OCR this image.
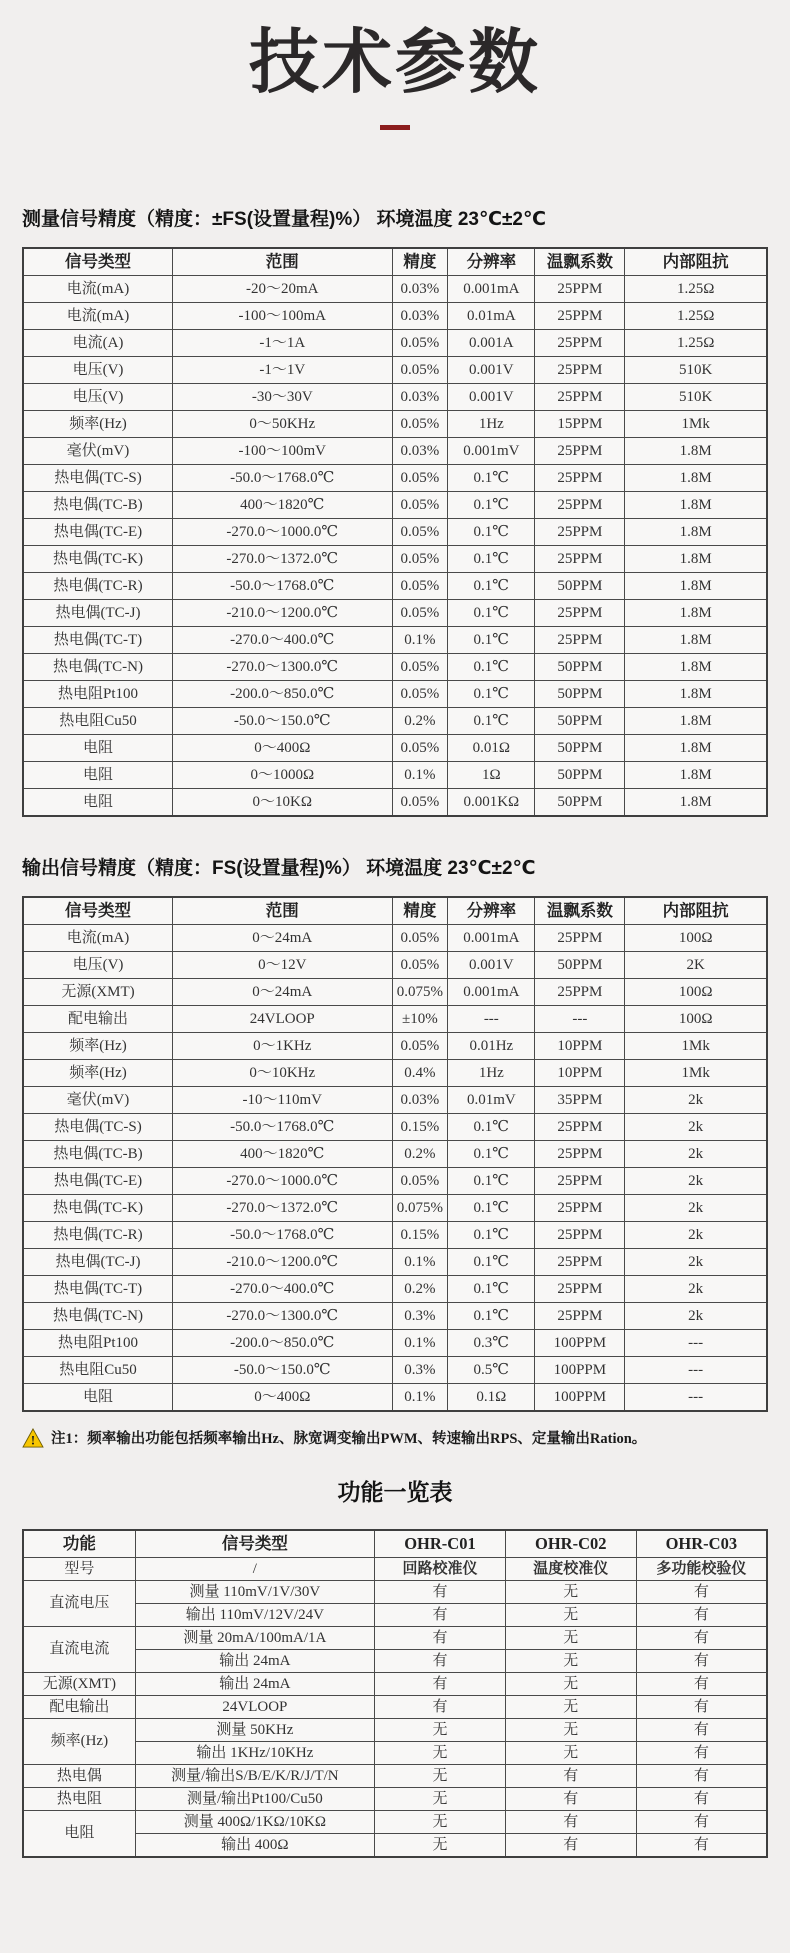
技术参数
测量信号精度（精度：±FS(设置量程)%） 环境温度 23℃±2℃
信号类型	范围	精度	分辨率	温飘系数	内部阻抗
电流(mA)	-20～20mA	0.03%	0.001mA	25PPM	1.25Ω
电流(mA)	-100～100mA	0.03%	0.01mA	25PPM	1.25Ω
电流(A)	-1～1A	0.05%	0.001A	25PPM	1.25Ω
电压(V)	-1～1V	0.05%	0.001V	25PPM	510K
电压(V)	-30～30V	0.03%	0.001V	25PPM	510K
频率(Hz)	0～50KHz	0.05%	1Hz	15PPM	1Mk
毫伏(mV)	-100～100mV	0.03%	0.001mV	25PPM	1.8M
热电偶(TC-S)	-50.0～1768.0℃	0.05%	0.1℃	25PPM	1.8M
热电偶(TC-B)	400～1820℃	0.05%	0.1℃	25PPM	1.8M
热电偶(TC-E)	-270.0～1000.0℃	0.05%	0.1℃	25PPM	1.8M
热电偶(TC-K)	-270.0～1372.0℃	0.05%	0.1℃	25PPM	1.8M
热电偶(TC-R)	-50.0～1768.0℃	0.05%	0.1℃	50PPM	1.8M
热电偶(TC-J)	-210.0～1200.0℃	0.05%	0.1℃	25PPM	1.8M
热电偶(TC-T)	-270.0～400.0℃	0.1%	0.1℃	25PPM	1.8M
热电偶(TC-N)	-270.0～1300.0℃	0.05%	0.1℃	50PPM	1.8M
热电阻Pt100	-200.0～850.0℃	0.05%	0.1℃	50PPM	1.8M
热电阻Cu50	-50.0～150.0℃	0.2%	0.1℃	50PPM	1.8M
电阻	0～400Ω	0.05%	0.01Ω	50PPM	1.8M
电阻	0～1000Ω	0.1%	1Ω	50PPM	1.8M
电阻	0～10KΩ	0.05%	0.001KΩ	50PPM	1.8M
输出信号精度（精度：FS(设置量程)%） 环境温度 23℃±2℃
信号类型	范围	精度	分辨率	温飘系数	内部阻抗
电流(mA)	0～24mA	0.05%	0.001mA	25PPM	100Ω
电压(V)	0～12V	0.05%	0.001V	50PPM	2K
无源(XMT)	0～24mA	0.075%	0.001mA	25PPM	100Ω
配电输出	24VLOOP	±10%	---	---	100Ω
频率(Hz)	0～1KHz	0.05%	0.01Hz	10PPM	1Mk
频率(Hz)	0～10KHz	0.4%	1Hz	10PPM	1Mk
毫伏(mV)	-10～110mV	0.03%	0.01mV	35PPM	2k
热电偶(TC-S)	-50.0～1768.0℃	0.15%	0.1℃	25PPM	2k
热电偶(TC-B)	400～1820℃	0.2%	0.1℃	25PPM	2k
热电偶(TC-E)	-270.0～1000.0℃	0.05%	0.1℃	25PPM	2k
热电偶(TC-K)	-270.0～1372.0℃	0.075%	0.1℃	25PPM	2k
热电偶(TC-R)	-50.0～1768.0℃	0.15%	0.1℃	25PPM	2k
热电偶(TC-J)	-210.0～1200.0℃	0.1%	0.1℃	25PPM	2k
热电偶(TC-T)	-270.0～400.0℃	0.2%	0.1℃	25PPM	2k
热电偶(TC-N)	-270.0～1300.0℃	0.3%	0.1℃	25PPM	2k
热电阻Pt100	-200.0～850.0℃	0.1%	0.3℃	100PPM	---
热电阻Cu50	-50.0～150.0℃	0.3%	0.5℃	100PPM	---
电阻	0～400Ω	0.1%	0.1Ω	100PPM	---
! 注1：频率输出功能包括频率输出Hz、脉宽调变输出PWM、转速输出RPS、定量输出Ration。
功能一览表
功能	信号类型	OHR-C01	OHR-C02	OHR-C03
型号	/	回路校准仪	温度校准仪	多功能校验仪
直流电压	测量 110mV/1V/30V	有	无	有
	输出 110mV/12V/24V	有	无	有
直流电流	测量 20mA/100mA/1A	有	无	有
	输出 24mA	有	无	有
无源(XMT)	输出 24mA	有	无	有
配电输出	24VLOOP	有	无	有
频率(Hz)	测量 50KHz	无	无	有
	输出 1KHz/10KHz	无	无	有
热电偶	测量/输出S/B/E/K/R/J/T/N	无	有	有
热电阻	测量/输出Pt100/Cu50	无	有	有
电阻	测量 400Ω/1KΩ/10KΩ	无	有	有
	输出 400Ω	无	有	有
